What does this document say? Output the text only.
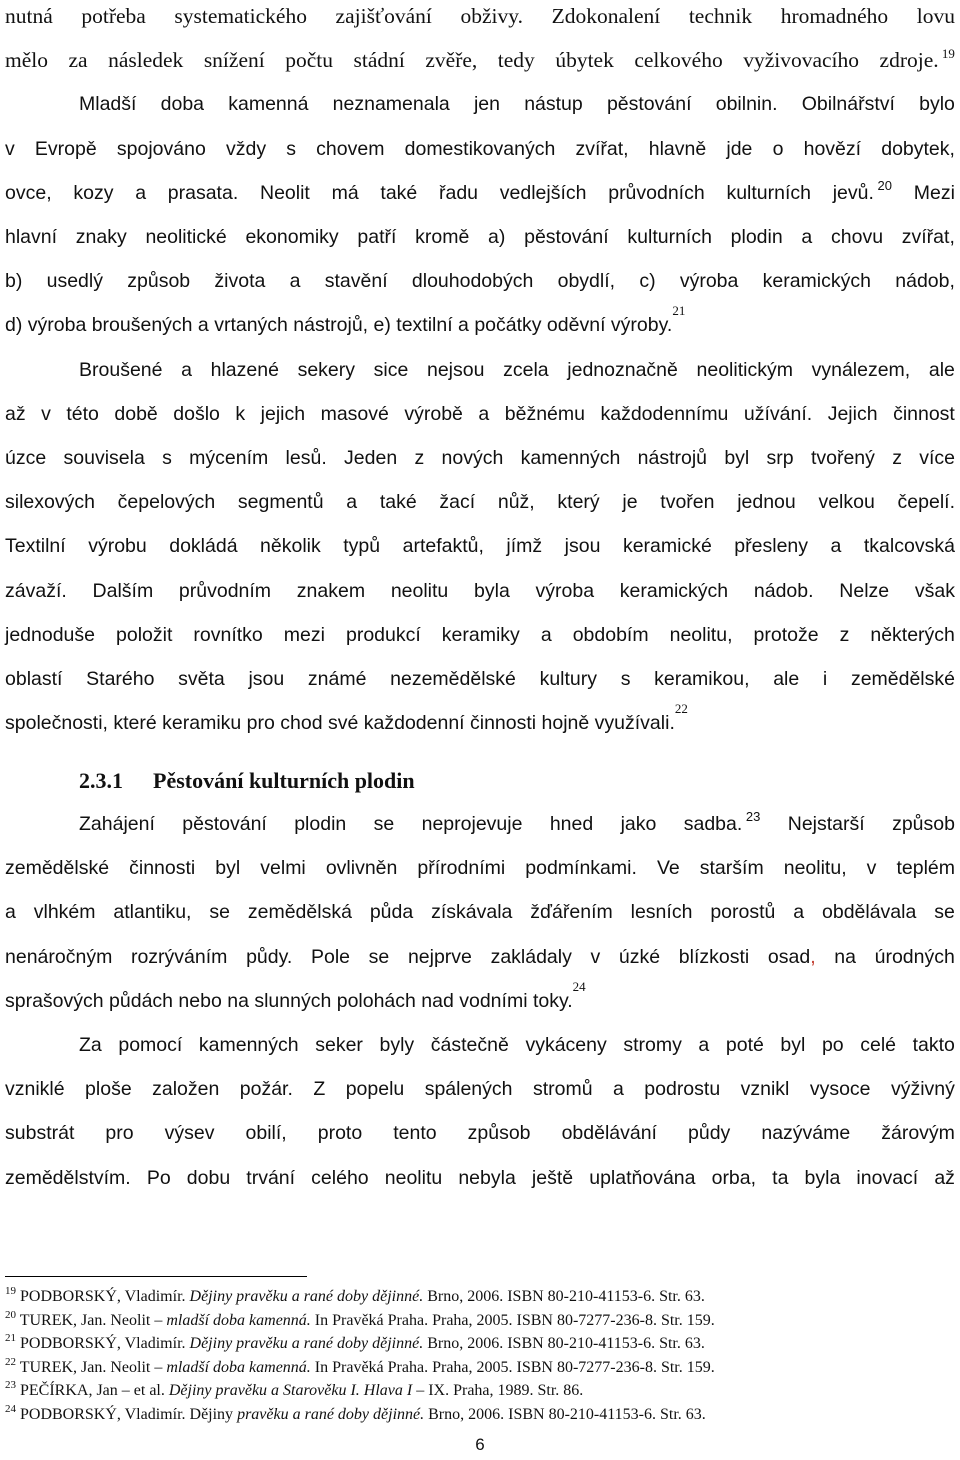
nutná potřeba systematického zajišťování obživy. Zdokonalení technik hromadného lovu
mělo za následek snížení počtu stádní zvěře, tedy úbytek celkového vyživovacího zdroje. $^{19}$
Mladší doba kamenná neznamenala jen nástup pěstování obilnin. Obilnářství bylo
v Evropě spojováno vždy s chovem domestikovaných zvířat, hlavně jde o hovězí dobytek,
ovce, kozy a prasata. Neolit má také řadu vedlejších průvodních kulturních jevů. $^{20}$ Mezi
hlavní znaky neolitické ekonomiky patří kromě a) pěstování kulturních plodin a chovu zvířat,
b) usedlý způsob života a stavění dlouhodobých obydlí, c) výroba keramických nádob,
d) výroba broušených a vrtaných nástrojů, e) textilní a počátky oděvní výroby.
21
Broušené a hlazené sekery sice nejsou zcela jednoznačně neolitickým vynálezem, ale
až v této době došlo k jejich masové výrobě a běžnému každodennímu užívání. Jejich činnost
úzce souvisela s mýcením lesů. Jeden z nových kamenných nástrojů byl srp tvořený z více
silexových čepelových segmentů a také žací nůž, který je tvořen jednou velkou čepelí.
Textilní výrobu dokládá několik typů artefaktů, jímž jsou keramické přesleny a tkalcovská
závaží. Dalším průvodním znakem neolitu byla výroba keramických nádob. Nelze však
jednoduše položit rovnítko mezi produkcí keramiky a obdobím neolitu, protože z některých
oblastí Starého světa jsou známé nezemědělské kultury s keramikou, ale i zemědělské
společnosti, které keramiku pro chod své každodenní činnosti hojně využívali.
22
2.3.1 Pěstování kulturních plodin
Zahájení pěstování plodin se neprojevuje hned jako sadba. $^{23}$ Nejstarší způsob
zemědělské činnosti byl velmi ovlivněn přírodními podmínkami. Ve starším neolitu, v teplém
a vlhkém atlantiku, se zemědělská půda získávala žďářením lesních porostů a obdělávala se
nenáročným rozrýváním půdy. Pole se nejprve zakládaly v úzké blízkosti osad, na úrodných
sprašových půdách nebo na slunných polohách nad vodními toky.
24
Za pomocí kamenných seker byly částečně vykáceny stromy a poté byl po celé takto
vzniklé ploše založen požár. Z popelu spálených stromů a podrostu vznikl vysoce výživný
substrát pro výsev obilí, proto tento způsob obdělávání půdy nazýváme žárovým
zemědělstvím. Po dobu trvání celého neolitu nebyla ještě uplatňována orba, ta byla inovací až
$^{19}$ PODBORSKÝ, Vladimír. Dějiny pravěku a rané doby dějinné. Brno, 2006. ISBN 80-210-41153-6. Str. 63.
$^{20}$ TUREK, Jan. Neolit – mladší doba kamenná. In Pravěká Praha. Praha, 2005. ISBN 80-7277-236-8. Str. 159.
$^{21}$ PODBORSKÝ, Vladimír. Dějiny pravěku a rané doby dějinné. Brno, 2006. ISBN 80-210-41153-6. Str. 63.
$^{22}$ TUREK, Jan. Neolit – mladší doba kamenná. In Pravěká Praha. Praha, 2005. ISBN 80-7277-236-8. Str. 159.
$^{23}$ PEČÍRKA, Jan – et al. Dějiny pravěku a Starověku I. Hlava I – IX. Praha, 1989. Str. 86.
$^{24}$ PODBORSKÝ, Vladimír. Dějiny pravěku a rané doby dějinné. Brno, 2006. ISBN 80-210-41153-6. Str. 63.
6
